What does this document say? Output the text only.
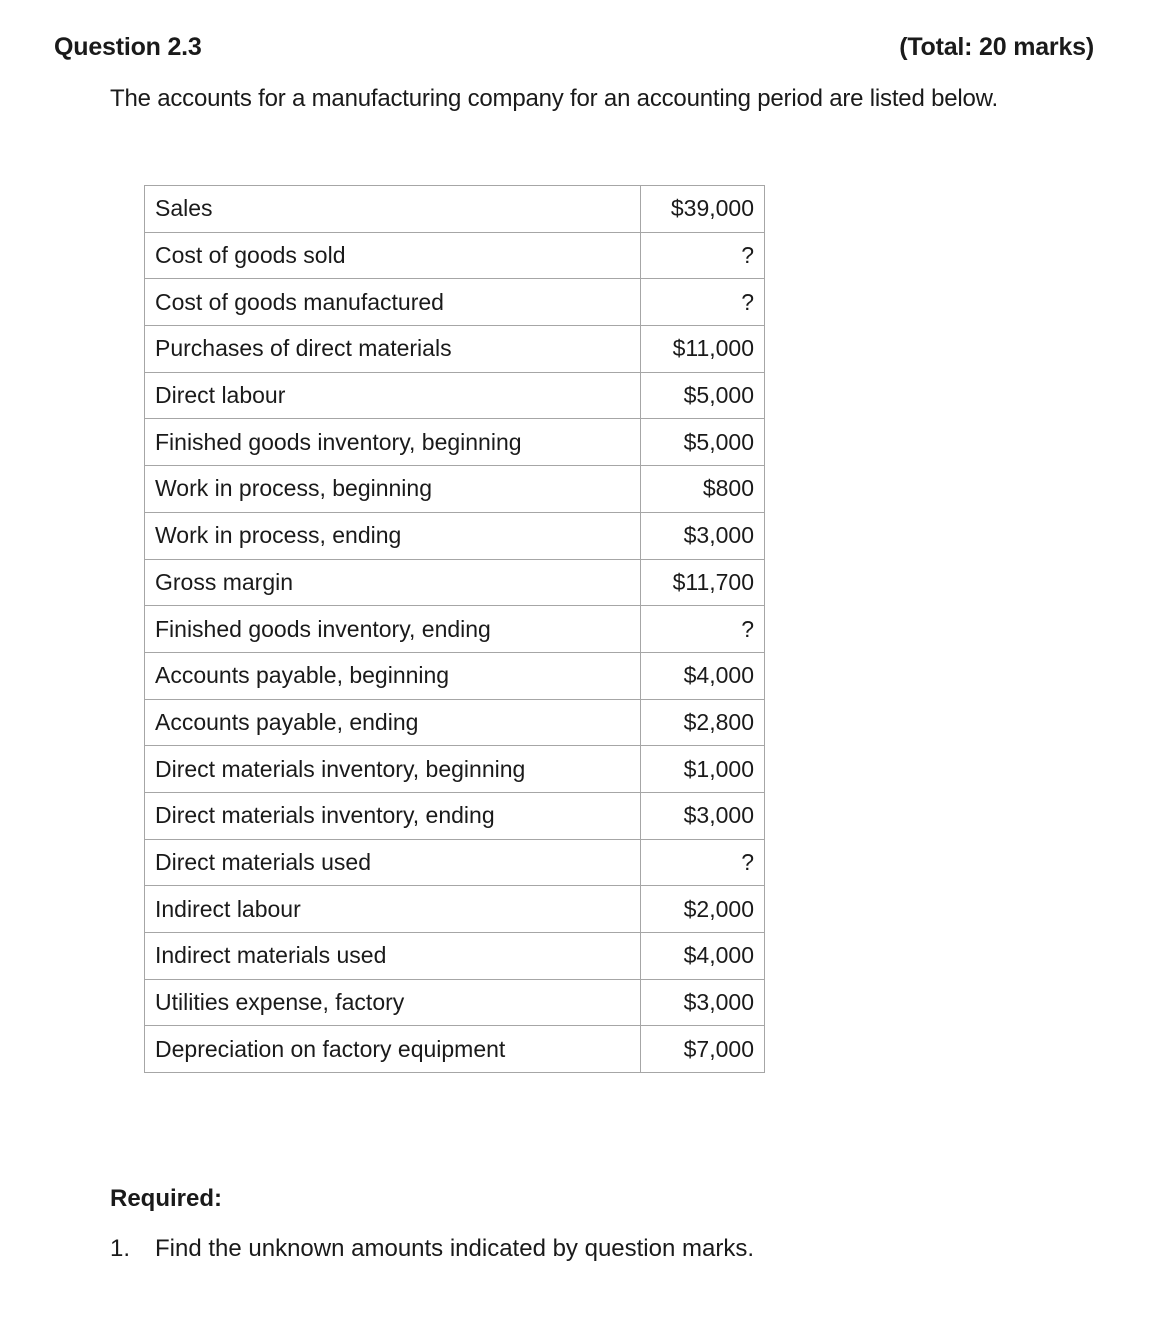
Question 2.3	(Total: 20 marks)
The accounts for a manufacturing company for an accounting period are listed below.
Sales	$39,000
Cost of goods sold	?
Cost of goods manufactured	?
Purchases of direct materials	$11,000
Direct labour	$5,000
Finished goods inventory, beginning	$5,000
Work in process, beginning	$800
Work in process, ending	$3,000
Gross margin	$11,700
Finished goods inventory, ending	?
Accounts payable, beginning	$4,000
Accounts payable, ending	$2,800
Direct materials inventory, beginning	$1,000
Direct materials inventory, ending	$3,000
Direct materials used	?
Indirect labour	$2,000
Indirect materials used	$4,000
Utilities expense, factory	$3,000
Depreciation on factory equipment	$7,000
Required:
1. Find the unknown amounts indicated by question marks.
